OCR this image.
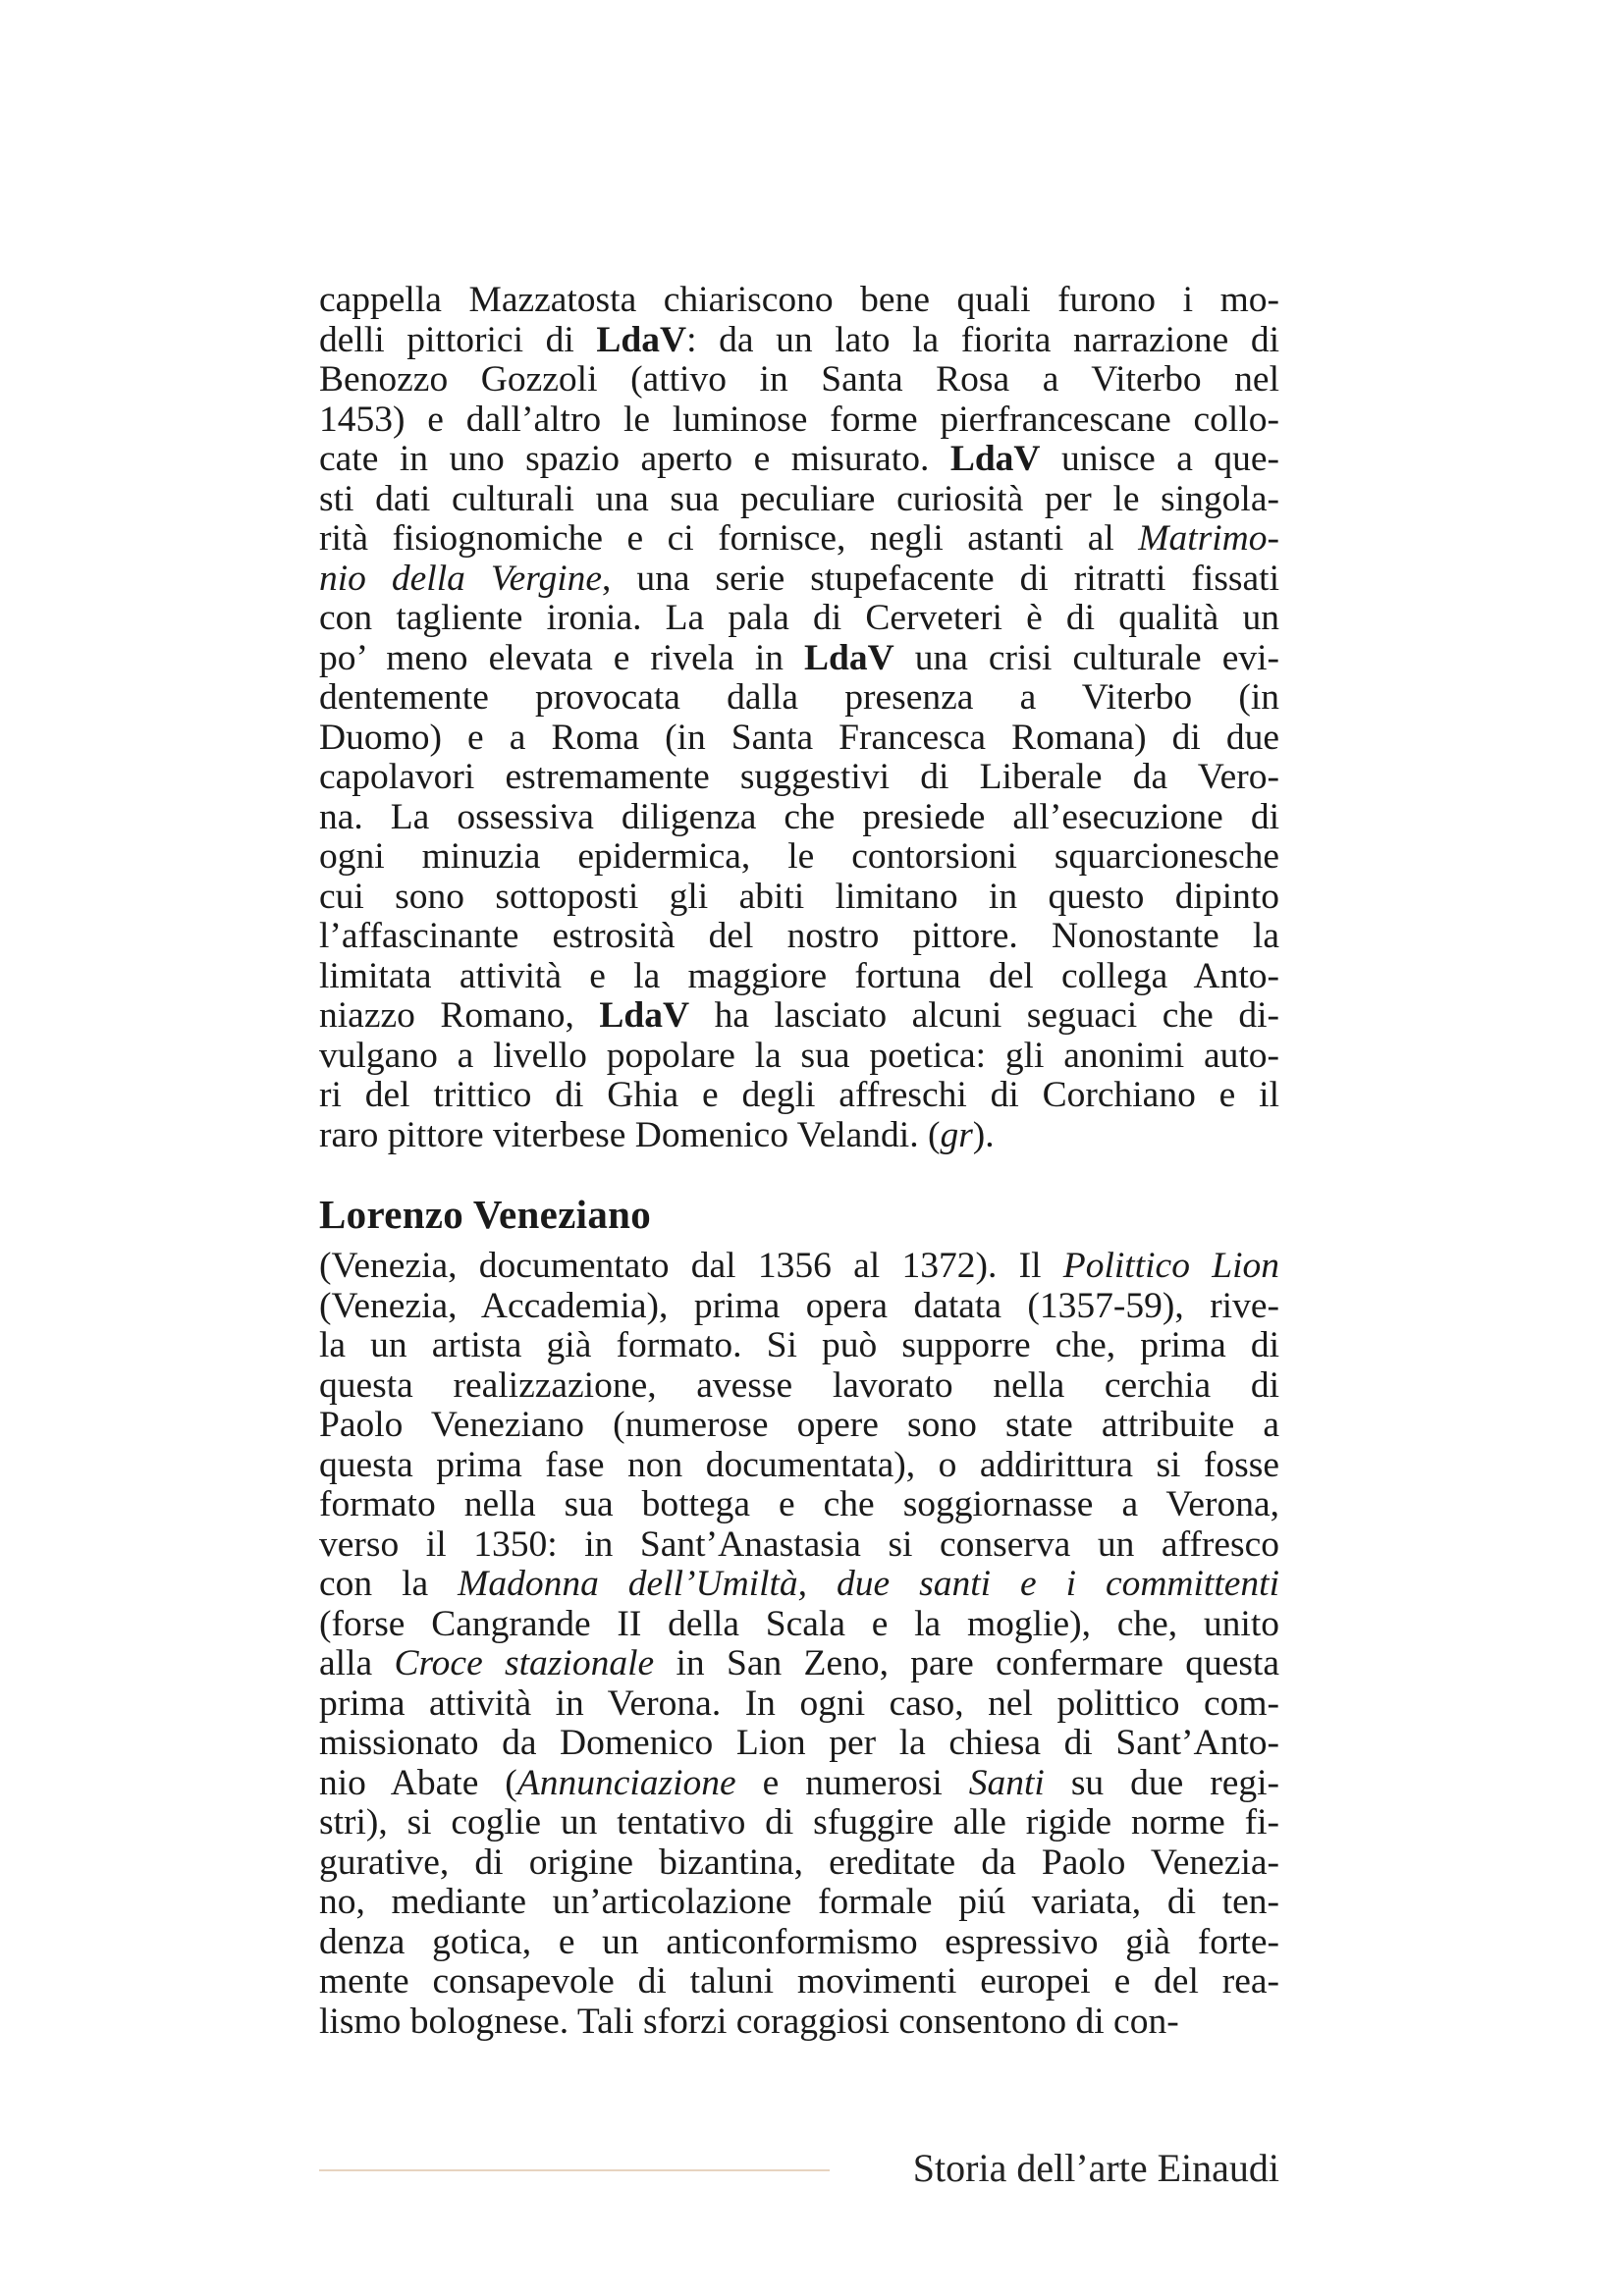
cappella Mazzatosta chiariscono bene quali furono i mo-
delli pittorici di LdaV: da un lato la fiorita narrazione di
Benozzo Gozzoli (attivo in Santa Rosa a Viterbo nel
1453) e dall’altro le luminose forme pierfrancescane collo-
cate in uno spazio aperto e misurato. LdaV unisce a que-
sti dati culturali una sua peculiare curiosità per le singola-
rità fisiognomiche e ci fornisce, negli astanti al Matrimo-
nio della Vergine, una serie stupefacente di ritratti fissati
con tagliente ironia. La pala di Cerveteri è di qualità un
po’ meno elevata e rivela in LdaV una crisi culturale evi-
dentemente provocata dalla presenza a Viterbo (in
Duomo) e a Roma (in Santa Francesca Romana) di due
capolavori estremamente suggestivi di Liberale da Vero-
na. La ossessiva diligenza che presiede all’esecuzione di
ogni minuzia epidermica, le contorsioni squarcionesche
cui sono sottoposti gli abiti limitano in questo dipinto
l’affascinante estrosità del nostro pittore. Nonostante la
limitata attività e la maggiore fortuna del collega Anto-
niazzo Romano, LdaV ha lasciato alcuni seguaci che di-
vulgano a livello popolare la sua poetica: gli anonimi auto-
ri del trittico di Ghia e degli affreschi di Corchiano e il
raro pittore viterbese Domenico Velandi. (gr).
Lorenzo Veneziano
(Venezia, documentato dal 1356 al 1372). Il Polittico Lion
(Venezia, Accademia), prima opera datata (1357-59), rive-
la un artista già formato. Si può supporre che, prima di
questa realizzazione, avesse lavorato nella cerchia di
Paolo Veneziano (numerose opere sono state attribuite a
questa prima fase non documentata), o addirittura si fosse
formato nella sua bottega e che soggiornasse a Verona,
verso il 1350: in Sant’Anastasia si conserva un affresco
con la Madonna dell’Umiltà, due santi e i committenti
(forse Cangrande II della Scala e la moglie), che, unito
alla Croce stazionale in San Zeno, pare confermare questa
prima attività in Verona. In ogni caso, nel polittico com-
missionato da Domenico Lion per la chiesa di Sant’Anto-
nio Abate (Annunciazione e numerosi Santi su due regi-
stri), si coglie un tentativo di sfuggire alle rigide norme fi-
gurative, di origine bizantina, ereditate da Paolo Venezia-
no, mediante un’articolazione formale piú variata, di ten-
denza gotica, e un anticonformismo espressivo già forte-
mente consapevole di taluni movimenti europei e del rea-
lismo bolognese. Tali sforzi coraggiosi consentono di con-
Storia dell’arte Einaudi
